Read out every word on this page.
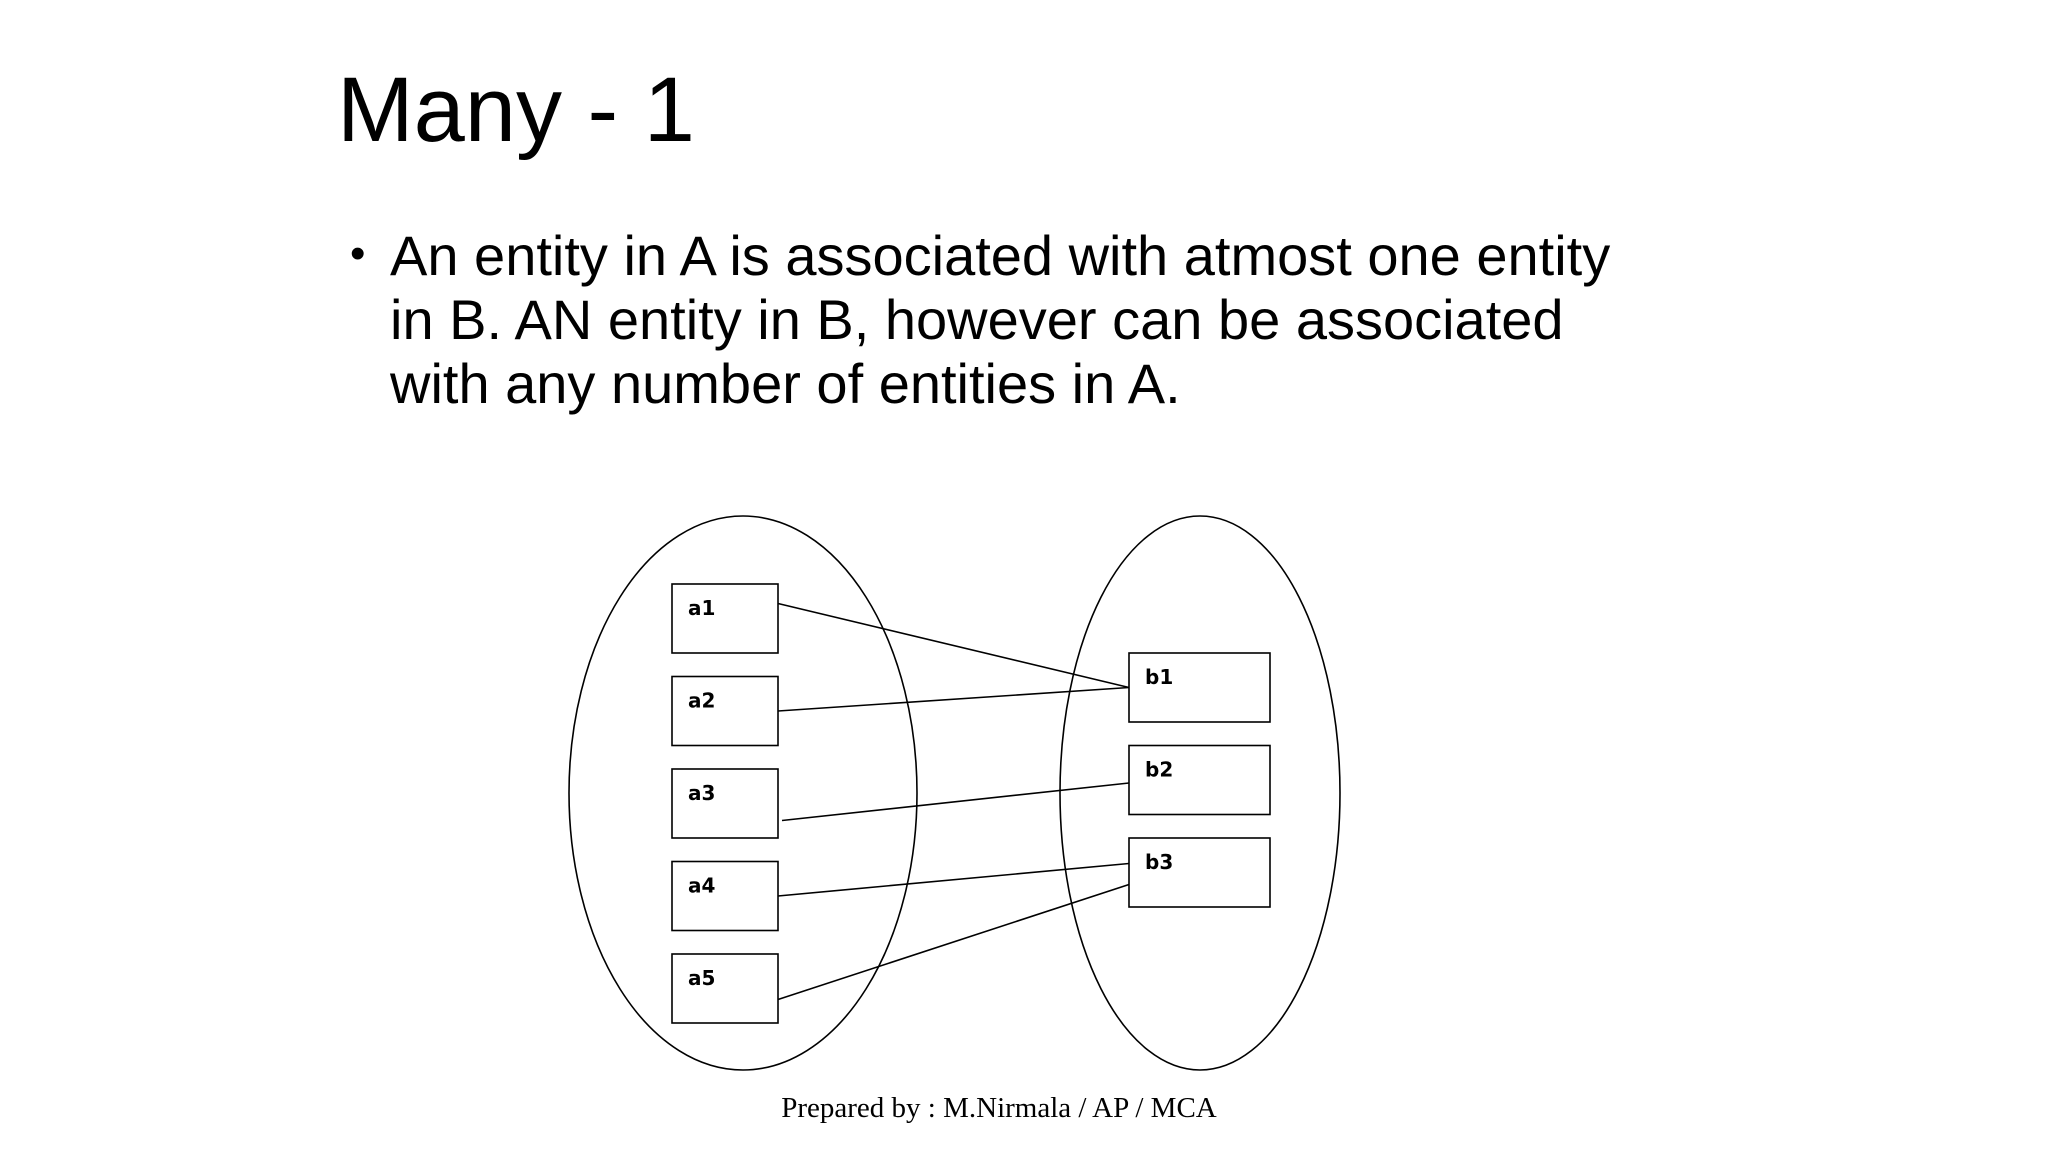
Many - 1
• An entity in A is associated with atmost one entity
in B. AN entity in B, however can be associated
with any number of entities in A.
a1
a2
a3
a4
a5
b1
b2
b3
Prepared by : M.Nirmala / AP / MCA
